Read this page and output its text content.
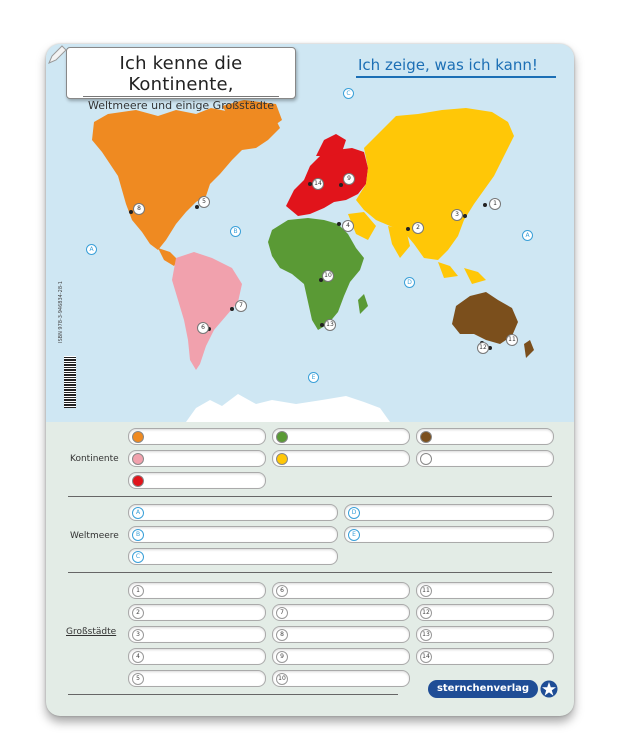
Ich kenne die Kontinente,
Weltmeere und einige Großstädte
Ich zeige, was ich kann!
ISBN 978-3-946834-28-1
A
B
C
D
E
A
1
2
3
4
5
6
7
8
9
10
11
12
13
14
Kontinente
Weltmeere
A	D
B	E
C
Großstädte
1	6	11
2	7	12
3	8	13
4	9	14
5	10
sternchenverlag
